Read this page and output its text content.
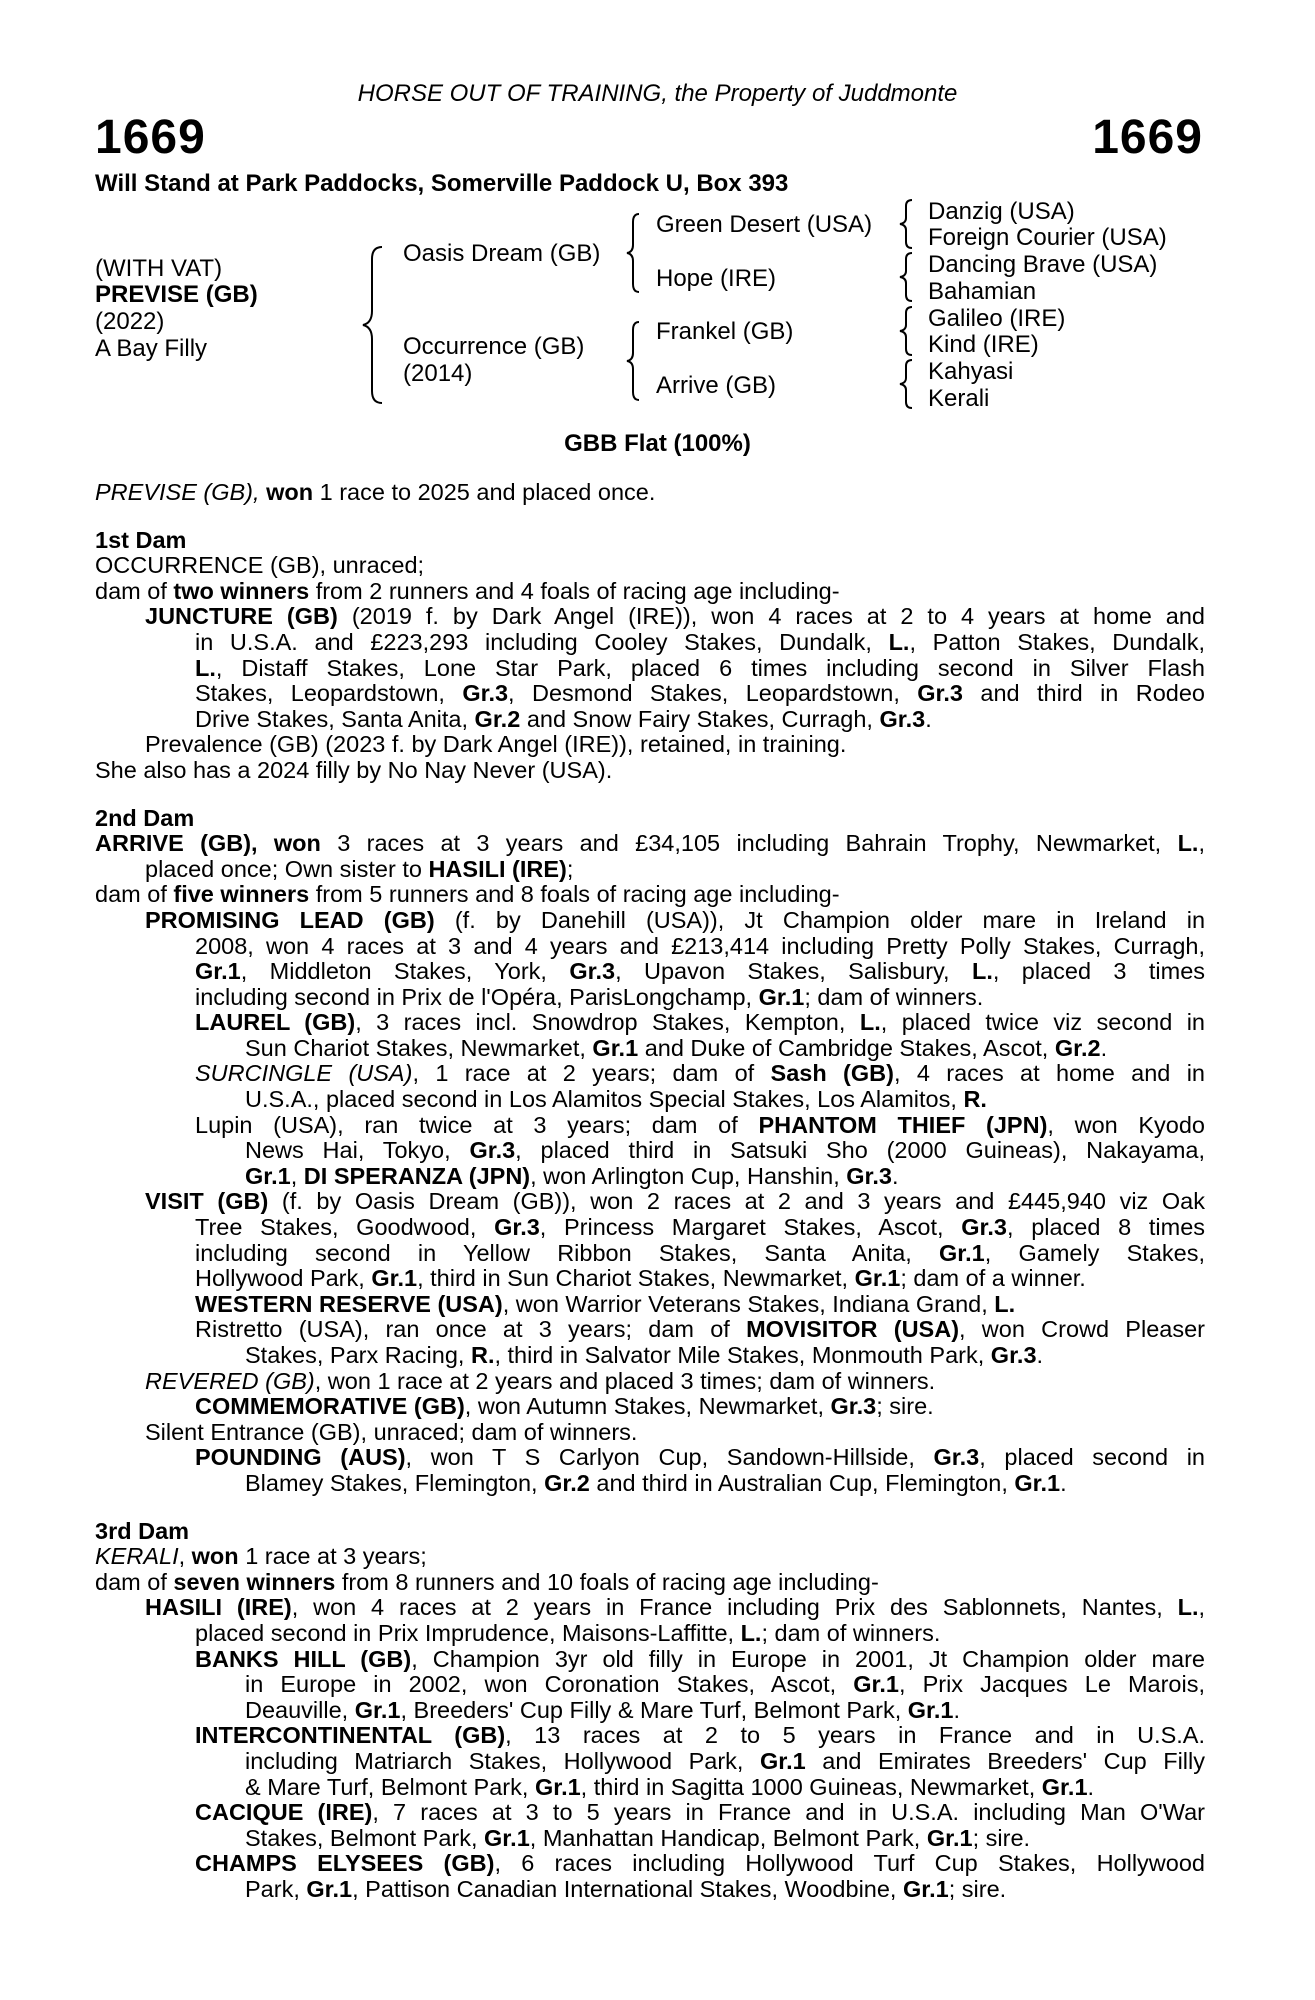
HORSE OUT OF TRAINING, the Property of Juddmonte
1669	1669
Will Stand at Park Paddocks, Somerville Paddock U, Box 393
(WITH VAT)
PREVISE (GB)
(2022)
A Bay Filly
Oasis Dream (GB)
Occurrence (GB)
(2014)
Green Desert (USA)
Hope (IRE)
Frankel (GB)
Arrive (GB)
Danzig (USA)
Foreign Courier (USA)
Dancing Brave (USA)
Bahamian
Galileo (IRE)
Kind (IRE)
Kahyasi
Kerali
GBB Flat (100%)

PREVISE (GB), won 1 race to 2025 and placed once.

1st Dam

OCCURRENCE (GB), unraced;

dam of two winners from 2 runners and 4 foals of racing age including-

JUNCTURE (GB) (2019 f. by Dark Angel (IRE)), won 4 races at 2 to 4 years at home and

in U.S.A. and £223,293 including Cooley Stakes, Dundalk, L., Patton Stakes, Dundalk,

L., Distaff Stakes, Lone Star Park, placed 6 times including second in Silver Flash

Stakes, Leopardstown, Gr.3, Desmond Stakes, Leopardstown, Gr.3 and third in Rodeo

Drive Stakes, Santa Anita, Gr.2 and Snow Fairy Stakes, Curragh, Gr.3.

Prevalence (GB) (2023 f. by Dark Angel (IRE)), retained, in training.

She also has a 2024 filly by No Nay Never (USA).

2nd Dam

ARRIVE (GB), won 3 races at 3 years and £34,105 including Bahrain Trophy, Newmarket, L.,

placed once; Own sister to HASILI (IRE);

dam of five winners from 5 runners and 8 foals of racing age including-

PROMISING LEAD (GB) (f. by Danehill (USA)), Jt Champion older mare in Ireland in

2008, won 4 races at 3 and 4 years and £213,414 including Pretty Polly Stakes, Curragh,

Gr.1, Middleton Stakes, York, Gr.3, Upavon Stakes, Salisbury, L., placed 3 times

including second in Prix de l'Opéra, ParisLongchamp, Gr.1; dam of winners.

LAUREL (GB), 3 races incl. Snowdrop Stakes, Kempton, L., placed twice viz second in

Sun Chariot Stakes, Newmarket, Gr.1 and Duke of Cambridge Stakes, Ascot, Gr.2.

SURCINGLE (USA), 1 race at 2 years; dam of Sash (GB), 4 races at home and in

U.S.A., placed second in Los Alamitos Special Stakes, Los Alamitos, R.

Lupin (USA), ran twice at 3 years; dam of PHANTOM THIEF (JPN), won Kyodo

News Hai, Tokyo, Gr.3, placed third in Satsuki Sho (2000 Guineas), Nakayama,

Gr.1, DI SPERANZA (JPN), won Arlington Cup, Hanshin, Gr.3.

VISIT (GB) (f. by Oasis Dream (GB)), won 2 races at 2 and 3 years and £445,940 viz Oak

Tree Stakes, Goodwood, Gr.3, Princess Margaret Stakes, Ascot, Gr.3, placed 8 times

including second in Yellow Ribbon Stakes, Santa Anita, Gr.1, Gamely Stakes,

Hollywood Park, Gr.1, third in Sun Chariot Stakes, Newmarket, Gr.1; dam of a winner.

WESTERN RESERVE (USA), won Warrior Veterans Stakes, Indiana Grand, L.

Ristretto (USA), ran once at 3 years; dam of MOVISITOR (USA), won Crowd Pleaser

Stakes, Parx Racing, R., third in Salvator Mile Stakes, Monmouth Park, Gr.3.

REVERED (GB), won 1 race at 2 years and placed 3 times; dam of winners.

COMMEMORATIVE (GB), won Autumn Stakes, Newmarket, Gr.3; sire.

Silent Entrance (GB), unraced; dam of winners.

POUNDING (AUS), won T S Carlyon Cup, Sandown-Hillside, Gr.3, placed second in

Blamey Stakes, Flemington, Gr.2 and third in Australian Cup, Flemington, Gr.1.

3rd Dam

KERALI, won 1 race at 3 years;

dam of seven winners from 8 runners and 10 foals of racing age including-

HASILI (IRE), won 4 races at 2 years in France including Prix des Sablonnets, Nantes, L.,

placed second in Prix Imprudence, Maisons-Laffitte, L.; dam of winners.

BANKS HILL (GB), Champion 3yr old filly in Europe in 2001, Jt Champion older mare

in Europe in 2002, won Coronation Stakes, Ascot, Gr.1, Prix Jacques Le Marois,

Deauville, Gr.1, Breeders' Cup Filly & Mare Turf, Belmont Park, Gr.1.

INTERCONTINENTAL (GB), 13 races at 2 to 5 years in France and in U.S.A.

including Matriarch Stakes, Hollywood Park, Gr.1 and Emirates Breeders' Cup Filly

& Mare Turf, Belmont Park, Gr.1, third in Sagitta 1000 Guineas, Newmarket, Gr.1.

CACIQUE (IRE), 7 races at 3 to 5 years in France and in U.S.A. including Man O'War

Stakes, Belmont Park, Gr.1, Manhattan Handicap, Belmont Park, Gr.1; sire.

CHAMPS ELYSEES (GB), 6 races including Hollywood Turf Cup Stakes, Hollywood

Park, Gr.1, Pattison Canadian International Stakes, Woodbine, Gr.1; sire.
